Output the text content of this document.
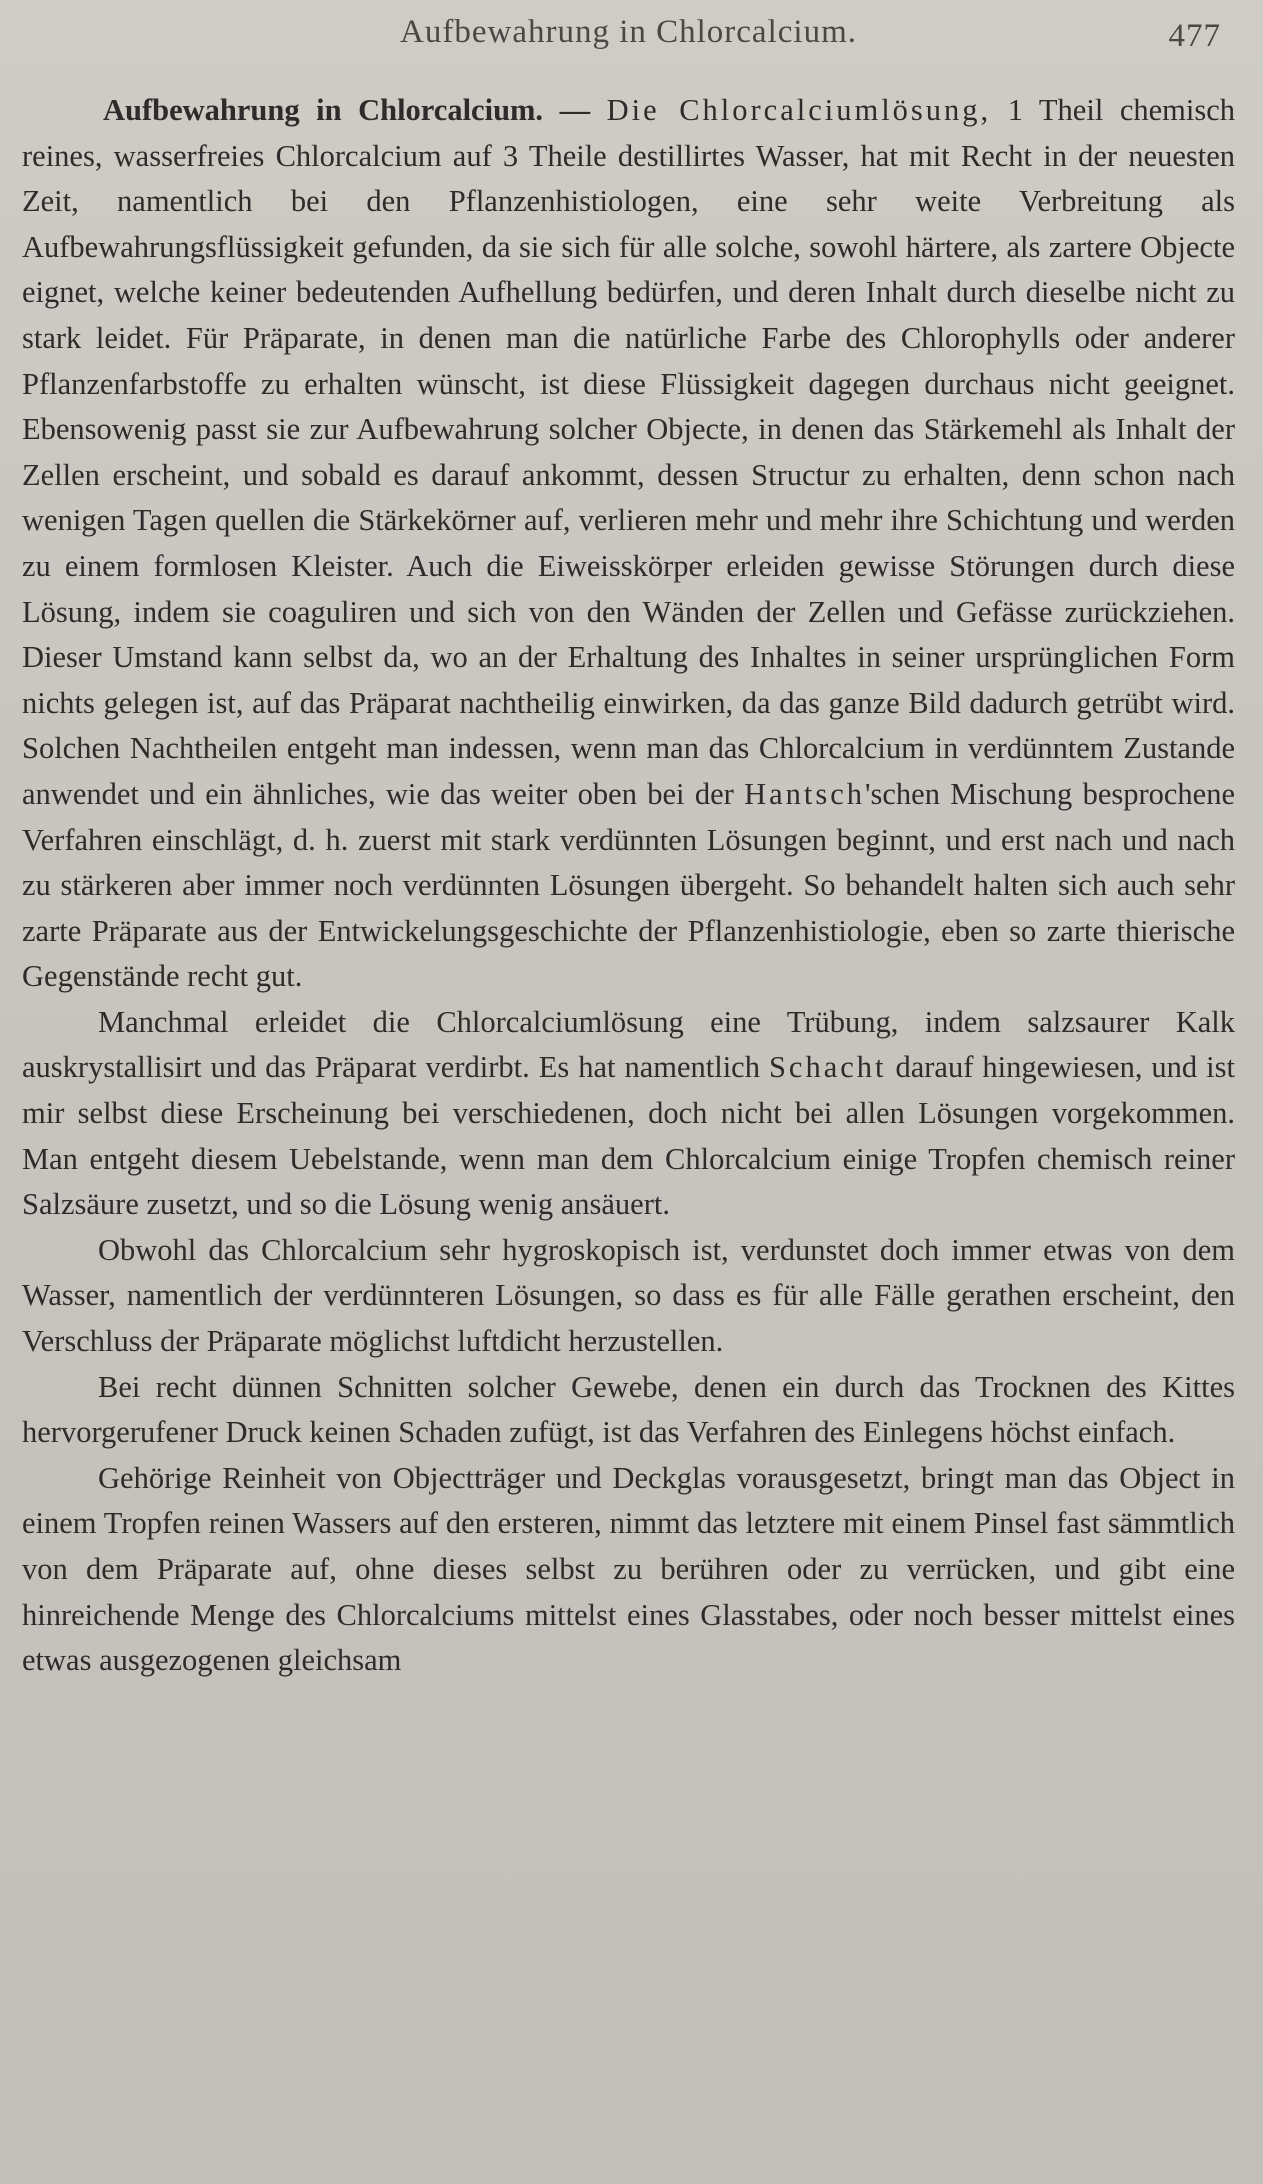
Aufbewahrung in Chlorcalcium.	477

Aufbewahrung in Chlorcalcium. — Die Chlorcalciumlösung, 1 Theil chemisch reines, wasserfreies Chlorcalcium auf 3 Theile destillirtes Wasser, hat mit Recht in der neuesten Zeit, namentlich bei den Pflanzenhistiologen, eine sehr weite Verbreitung als Aufbewahrungsflüssigkeit gefunden, da sie sich für alle solche, sowohl härtere, als zartere Objecte eignet, welche keiner bedeutenden Aufhellung bedürfen, und deren Inhalt durch dieselbe nicht zu stark leidet. Für Präparate, in denen man die natürliche Farbe des Chlorophylls oder anderer Pflanzenfarbstoffe zu erhalten wünscht, ist diese Flüssigkeit dagegen durchaus nicht geeignet. Ebensowenig passt sie zur Aufbewahrung solcher Objecte, in denen das Stärkemehl als Inhalt der Zellen erscheint, und sobald es darauf ankommt, dessen Structur zu erhalten, denn schon nach wenigen Tagen quellen die Stärkekörner auf, verlieren mehr und mehr ihre Schichtung und werden zu einem formlosen Kleister. Auch die Eiweisskörper erleiden gewisse Störungen durch diese Lösung, indem sie coaguliren und sich von den Wänden der Zellen und Gefässe zurückziehen. Dieser Umstand kann selbst da, wo an der Erhaltung des Inhaltes in seiner ursprünglichen Form nichts gelegen ist, auf das Präparat nachtheilig einwirken, da das ganze Bild dadurch getrübt wird. Solchen Nachtheilen entgeht man indessen, wenn man das Chlorcalcium in verdünntem Zustande anwendet und ein ähnliches, wie das weiter oben bei der Hantsch'schen Mischung besprochene Verfahren einschlägt, d. h. zuerst mit stark verdünnten Lösungen beginnt, und erst nach und nach zu stärkeren aber immer noch verdünnten Lösungen übergeht. So behandelt halten sich auch sehr zarte Präparate aus der Entwickelungsgeschichte der Pflanzenhistiologie, eben so zarte thierische Gegenstände recht gut.

Manchmal erleidet die Chlorcalciumlösung eine Trübung, indem salzsaurer Kalk auskrystallisirt und das Präparat verdirbt. Es hat namentlich Schacht darauf hingewiesen, und ist mir selbst diese Erscheinung bei verschiedenen, doch nicht bei allen Lösungen vorgekommen. Man entgeht diesem Uebelstande, wenn man dem Chlorcalcium einige Tropfen chemisch reiner Salzsäure zusetzt, und so die Lösung wenig ansäuert.

Obwohl das Chlorcalcium sehr hygroskopisch ist, verdunstet doch immer etwas von dem Wasser, namentlich der verdünnteren Lösungen, so dass es für alle Fälle gerathen erscheint, den Verschluss der Präparate möglichst luftdicht herzustellen.

Bei recht dünnen Schnitten solcher Gewebe, denen ein durch das Trocknen des Kittes hervorgerufener Druck keinen Schaden zufügt, ist das Verfahren des Einlegens höchst einfach.

Gehörige Reinheit von Objectträger und Deckglas vorausgesetzt, bringt man das Object in einem Tropfen reinen Wassers auf den ersteren, nimmt das letztere mit einem Pinsel fast sämmtlich von dem Präparate auf, ohne dieses selbst zu berühren oder zu verrücken, und gibt eine hinreichende Menge des Chlorcalciums mittelst eines Glasstabes, oder noch besser mittelst eines etwas ausgezogenen gleichsam
